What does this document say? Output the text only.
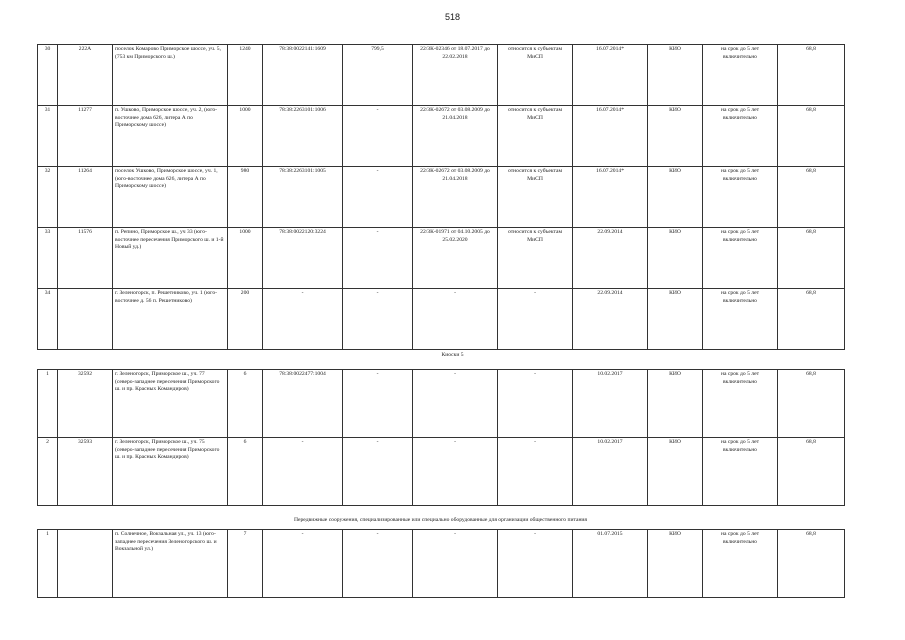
518
30	222А	поселок Комарово Приморское шоссе, уч. 5, (753 км Приморского ш.)	1240	78:38:0022141:1609	799,5	22/ЗК-02346 от 18.07.2017 до 22.02.2018	относится к субъектам МиСП	16.07.2014*	КИО	на срок до 5 лет включительно	68,8
31	11277	п. Ушково, Приморское шоссе, уч. 2, (юго-восточнее дома 626, литера А по Приморскому шоссе)	1000	78:38:2263101:1006	-	22/ЗК-02672 от 03.08.2009 до 21.04.2018	относится к субъектам МиСП	16.07.2014*	КИО	на срок до 5 лет включительно	68,8
32	11264	поселок Ушково, Приморское шоссе, уч. 1, (юго-восточнее дома 626, литера А по Приморскому шоссе)	980	78:38:2263101:1005	-	22/ЗК-02672 от 03.08.2009 до 21.04.2018	относится к субъектам МиСП	16.07.2014*	КИО	на срок до 5 лет включительно	68,8
33	11576	п. Репино, Приморское ш., уч 33 (юго-восточнее пересечения Приморского ш. и 1-й Новый уд.)	1000	78:38:0022120:3224	-	22/ЗК-01971 от 04.10.2005 до 25.02.2020	относится к субъектам МиСП	22.09.2014	КИО	на срок до 5 лет включительно	68,8
34		г. Зеленогорск, п. Решетниково, уч. 1 (юго-восточнее д. 56 п. Решетниково)	200	-	-	-	-	22.09.2014	КИО	на срок до 5 лет включительно	68,8
Киоски 5
1	32592	г. Зеленогорск, Приморское ш., уч. 77 (северо-западнее пересечения Приморского ш. и пр. Красных Командиров)	6	78:38:0022477:1004	-	-	-	10.02.2017	КИО	на срок до 5 лет включительно	68,8
2	32593	г. Зеленогорск, Приморское ш., уч. 75 (северо-западнее пересечения Приморского ш. и пр. Красных Командиров)	6	-	-	-	-	10.02.2017	КИО	на срок до 5 лет включительно	68,8
Передвижные сооружения, специализированные или специально оборудованные для организации общественного питания
1		п. Солнечное, Вокзальная ул., уч. 13 (юго-западнее пересечения Зеленогорского ш. и Вокзальной ул.)	7	-	-	-	-	01.07.2015	КИО	на срок до 5 лет включительно	68,8
